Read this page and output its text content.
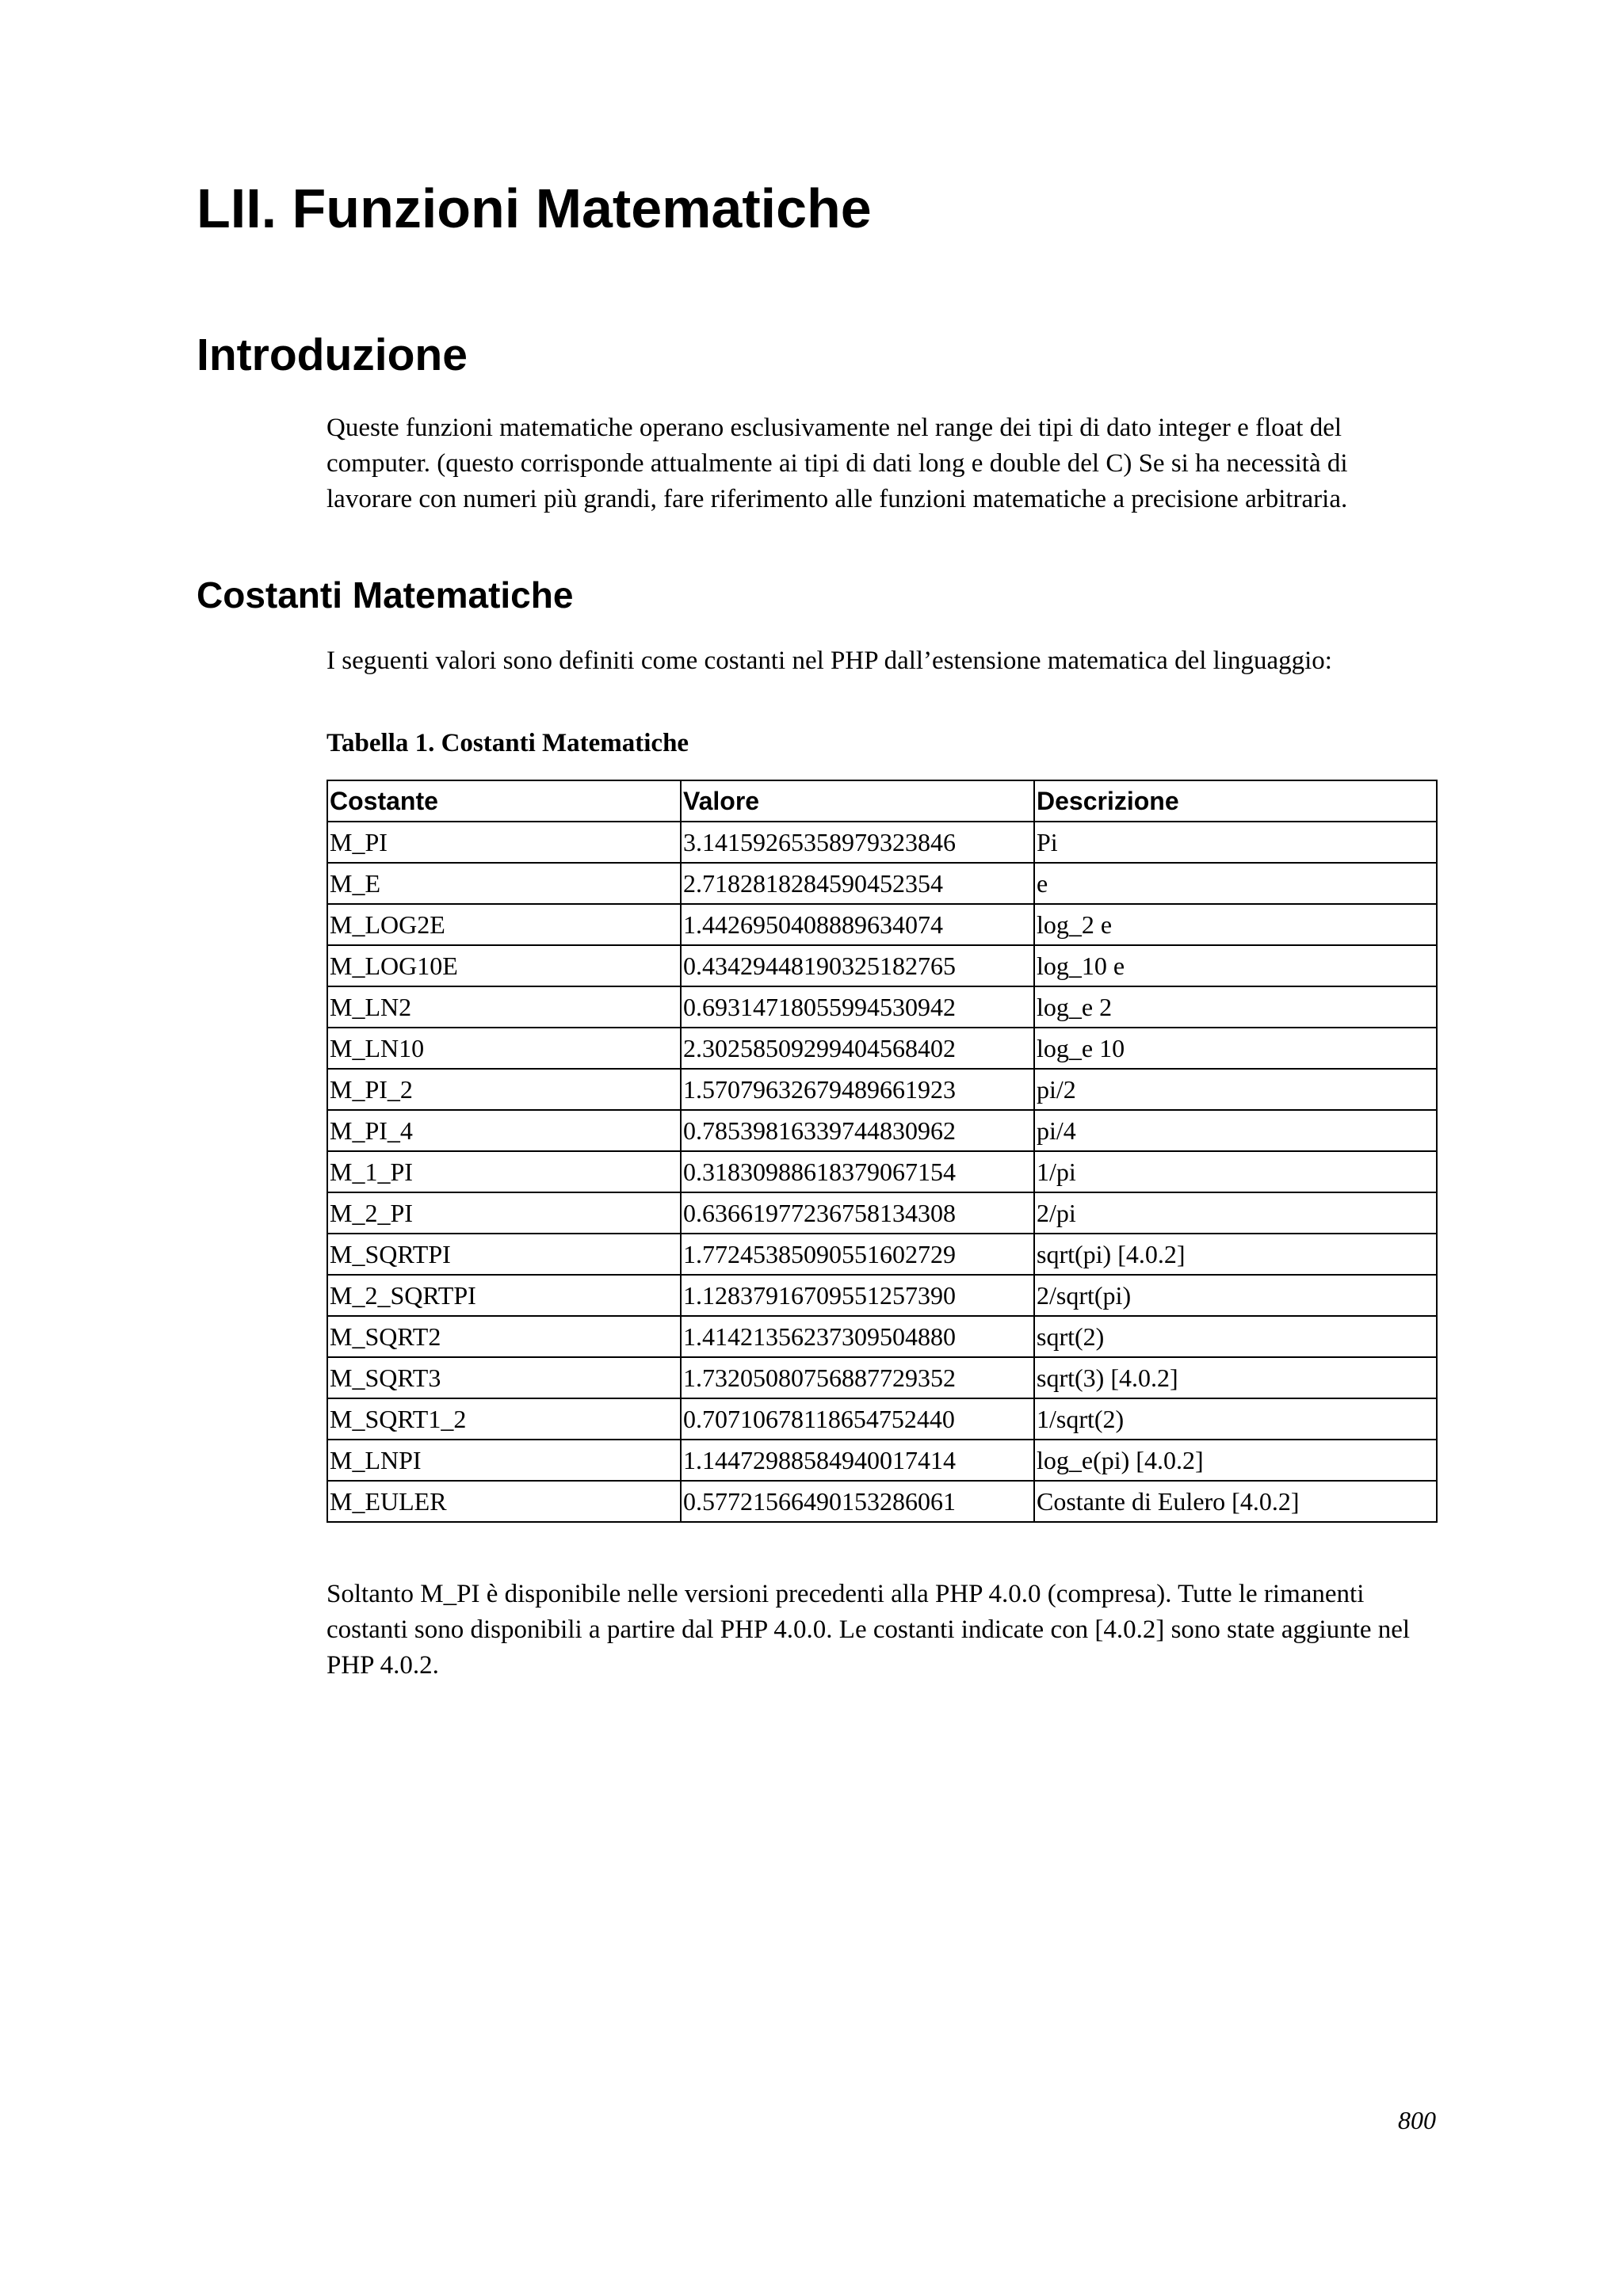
LII. Funzioni Matematiche
Introduzione

Queste funzioni matematiche operano esclusivamente nel range dei tipi di dato integer e float del computer. (questo corrisponde attualmente ai tipi di dati long e double del C) Se si ha necessità di lavorare con numeri più grandi, fare riferimento alle funzioni matematiche a precisione arbitraria.

Costanti Matematiche

I seguenti valori sono definiti come costanti nel PHP dall’estensione matematica del linguaggio:

Tabella 1. Costanti Matematiche

Costante	Valore	Descrizione
M_PI	3.14159265358979323846	Pi
M_E	2.7182818284590452354	e
M_LOG2E	1.4426950408889634074	log_2 e
M_LOG10E	0.43429448190325182765	log_10 e
M_LN2	0.69314718055994530942	log_e 2
M_LN10	2.30258509299404568402	log_e 10
M_PI_2	1.57079632679489661923	pi/2
M_PI_4	0.78539816339744830962	pi/4
M_1_PI	0.31830988618379067154	1/pi
M_2_PI	0.63661977236758134308	2/pi
M_SQRTPI	1.77245385090551602729	sqrt(pi) [4.0.2]
M_2_SQRTPI	1.12837916709551257390	2/sqrt(pi)
M_SQRT2	1.41421356237309504880	sqrt(2)
M_SQRT3	1.73205080756887729352	sqrt(3) [4.0.2]
M_SQRT1_2	0.70710678118654752440	1/sqrt(2)
M_LNPI	1.14472988584940017414	log_e(pi) [4.0.2]
M_EULER	0.57721566490153286061	Costante di Eulero [4.0.2]

Soltanto M_PI è disponibile nelle versioni precedenti alla PHP 4.0.0 (compresa). Tutte le rimanenti costanti sono disponibili a partire dal PHP 4.0.0. Le costanti indicate con [4.0.2] sono state aggiunte nel PHP 4.0.2.

800
